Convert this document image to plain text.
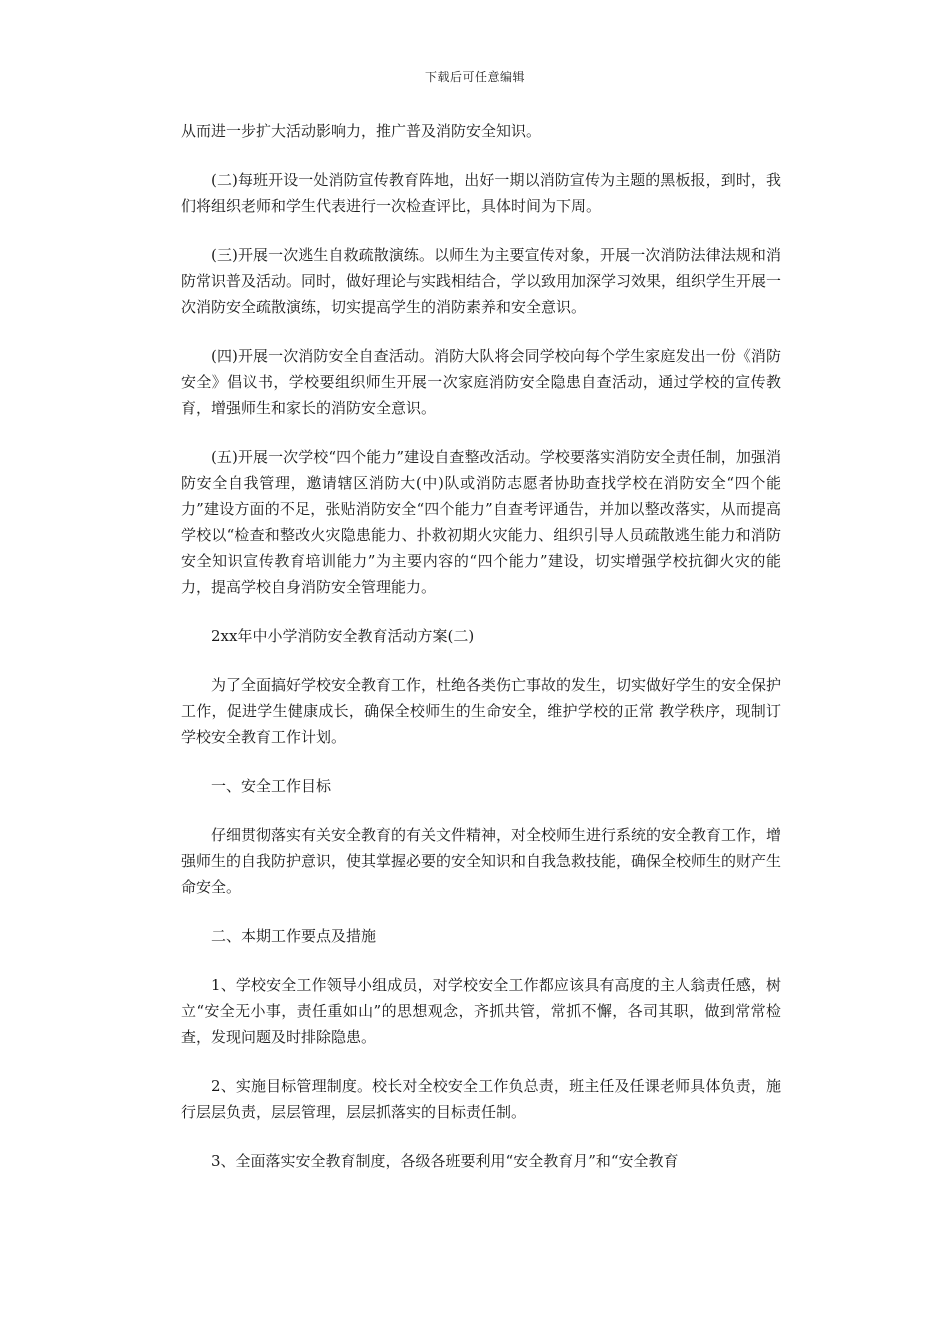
下载后可任意编辑

从而进一步扩大活动影响力，推广普及消防安全知识。

(二)每班开设一处消防宣传教育阵地，出好一期以消防宣传为主题的黑板报，到时，我们将组织老师和学生代表进行一次检查评比，具体时间为下周。

(三)开展一次逃生自救疏散演练。以师生为主要宣传对象，开展一次消防法律法规和消防常识普及活动。同时，做好理论与实践相结合，学以致用加深学习效果，组织学生开展一次消防安全疏散演练，切实提高学生的消防素养和安全意识。

(四)开展一次消防安全自查活动。消防大队将会同学校向每个学生家庭发出一份《消防安全》倡议书，学校要组织师生开展一次家庭消防安全隐患自查活动，通过学校的宣传教育，增强师生和家长的消防安全意识。

(五)开展一次学校“四个能力”建设自查整改活动。学校要落实消防安全责任制，加强消防安全自我管理，邀请辖区消防大(中)队或消防志愿者协助查找学校在消防安全“四个能力”建设方面的不足，张贴消防安全“四个能力”自查考评通告，并加以整改落实，从而提高学校以“检查和整改火灾隐患能力、扑救初期火灾能力、组织引导人员疏散逃生能力和消防安全知识宣传教育培训能力”为主要内容的“四个能力”建设，切实增强学校抗御火灾的能力，提高学校自身消防安全管理能力。

2xx年中小学消防安全教育活动方案(二)

为了全面搞好学校安全教育工作，杜绝各类伤亡事故的发生，切实做好学生的安全保护工作，促进学生健康成长，确保全校师生的生命安全，维护学校的正常 教学秩序，现制订学校安全教育工作计划。

一、安全工作目标

仔细贯彻落实有关安全教育的有关文件精神，对全校师生进行系统的安全教育工作，增强师生的自我防护意识，使其掌握必要的安全知识和自我急救技能，确保全校师生的财产生命安全。

二、本期工作要点及措施

1、学校安全工作领导小组成员，对学校安全工作都应该具有高度的主人翁责任感，树立“安全无小事，责任重如山”的思想观念，齐抓共管，常抓不懈，各司其职，做到常常检查，发现问题及时排除隐患。

2、实施目标管理制度。校长对全校安全工作负总责，班主任及任课老师具体负责，施行层层负责，层层管理，层层抓落实的目标责任制。

3、全面落实安全教育制度，各级各班要利用“安全教育月”和“安全教育
